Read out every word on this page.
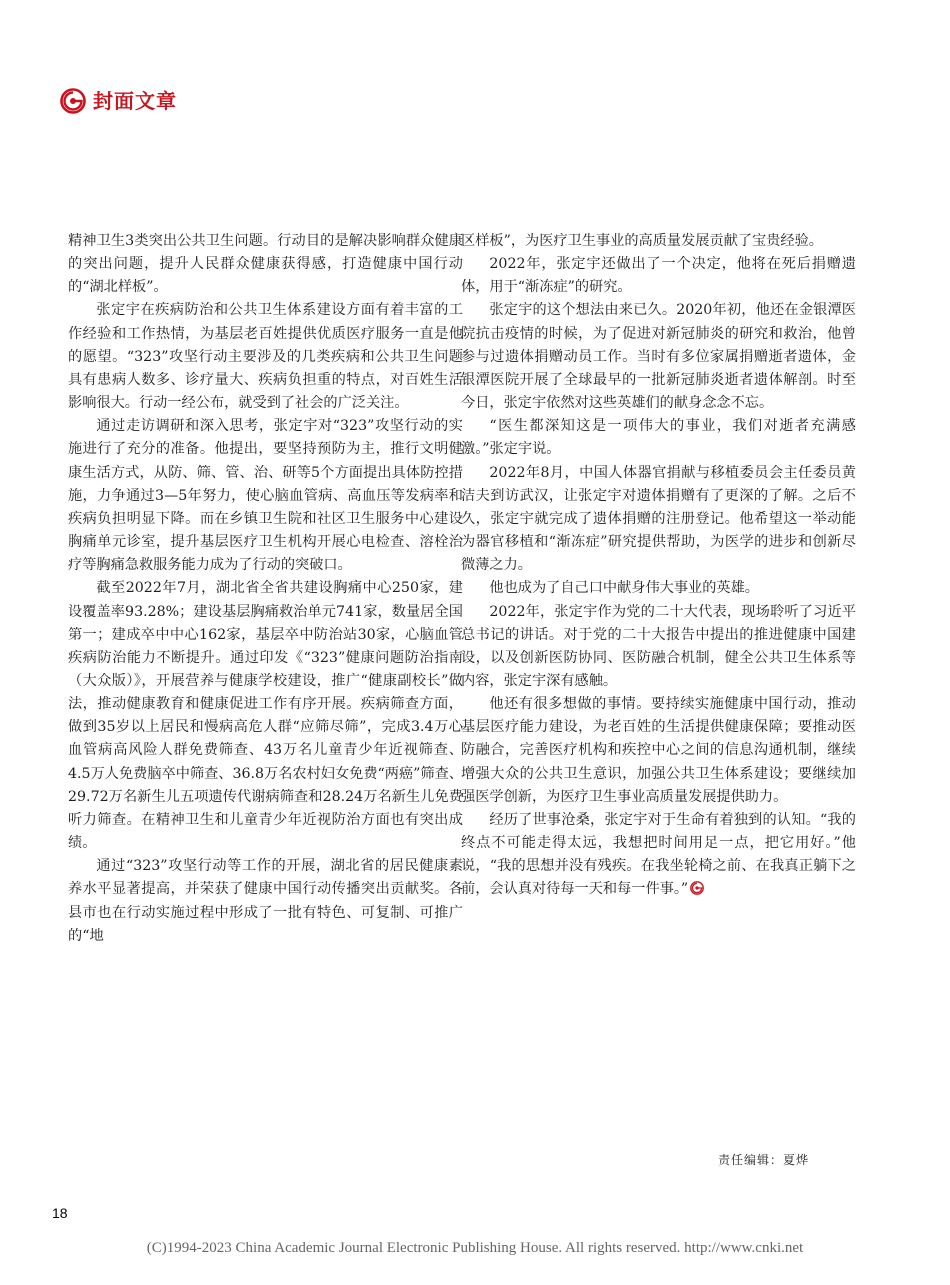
封面文章

精神卫生3类突出公共卫生问题。行动目的是解决影响群众健康的突出问题，提升人民群众健康获得感，打造健康中国行动的“湖北样板”。

张定宇在疾病防治和公共卫生体系建设方面有着丰富的工作经验和工作热情，为基层老百姓提供优质医疗服务一直是他的愿望。“323”攻坚行动主要涉及的几类疾病和公共卫生问题具有患病人数多、诊疗量大、疾病负担重的特点，对百姓生活影响很大。行动一经公布，就受到了社会的广泛关注。

通过走访调研和深入思考，张定宇对“323”攻坚行动的实施进行了充分的准备。他提出，要坚持预防为主，推行文明健康生活方式，从防、筛、管、治、研等5个方面提出具体防控措施，力争通过3—5年努力，使心脑血管病、高血压等发病率和疾病负担明显下降。而在乡镇卫生院和社区卫生服务中心建设胸痛单元诊室，提升基层医疗卫生机构开展心电检查、溶栓治疗等胸痛急救服务能力成为了行动的突破口。

截至2022年7月，湖北省全省共建设胸痛中心250家，建设覆盖率93.28%；建设基层胸痛救治单元741家，数量居全国第一；建成卒中中心162家，基层卒中防治站30家，心脑血管疾病防治能力不断提升。通过印发《“323”健康问题防治指南（大众版）》，开展营养与健康学校建设，推广“健康副校长”做法，推动健康教育和健康促进工作有序开展。疾病筛查方面，做到35岁以上居民和慢病高危人群“应筛尽筛”，完成3.4万心血管病高风险人群免费筛查、43万名儿童青少年近视筛查、4.5万人免费脑卒中筛查、36.8万名农村妇女免费“两癌”筛查、29.72万名新生儿五项遗传代谢病筛查和28.24万名新生儿免费听力筛查。在精神卫生和儿童青少年近视防治方面也有突出成绩。

通过“323”攻坚行动等工作的开展，湖北省的居民健康素养水平显著提高，并荣获了健康中国行动传播突出贡献奖。各县市也在行动实施过程中形成了一批有特色、可复制、可推广的“地

区样板”，为医疗卫生事业的高质量发展贡献了宝贵经验。

2022年，张定宇还做出了一个决定，他将在死后捐赠遗体，用于“渐冻症”的研究。

张定宇的这个想法由来已久。2020年初，他还在金银潭医院抗击疫情的时候，为了促进对新冠肺炎的研究和救治，他曾参与过遗体捐赠动员工作。当时有多位家属捐赠逝者遗体，金银潭医院开展了全球最早的一批新冠肺炎逝者遗体解剖。时至今日，张定宇依然对这些英雄们的献身念念不忘。

“医生都深知这是一项伟大的事业，我们对逝者充满感激。”张定宇说。

2022年8月，中国人体器官捐献与移植委员会主任委员黄洁夫到访武汉，让张定宇对遗体捐赠有了更深的了解。之后不久，张定宇就完成了遗体捐赠的注册登记。他希望这一举动能为器官移植和“渐冻症”研究提供帮助，为医学的进步和创新尽微薄之力。

他也成为了自己口中献身伟大事业的英雄。

2022年，张定宇作为党的二十大代表，现场聆听了习近平总书记的讲话。对于党的二十大报告中提出的推进健康中国建设，以及创新医防协同、医防融合机制，健全公共卫生体系等内容，张定宇深有感触。

他还有很多想做的事情。要持续实施健康中国行动，推动基层医疗能力建设，为老百姓的生活提供健康保障；要推动医防融合，完善医疗机构和疾控中心之间的信息沟通机制，继续增强大众的公共卫生意识，加强公共卫生体系建设；要继续加强医学创新，为医疗卫生事业高质量发展提供助力。

经历了世事沧桑，张定宇对于生命有着独到的认知。“我的终点不可能走得太远，我想把时间用足一点，把它用好。”他说，“我的思想并没有残疾。在我坐轮椅之前、在我真正躺下之前，会认真对待每一天和每一件事。”

责任编辑：夏烨
18
(C)1994-2023 China Academic Journal Electronic Publishing House. All rights reserved. http://www.cnki.net
